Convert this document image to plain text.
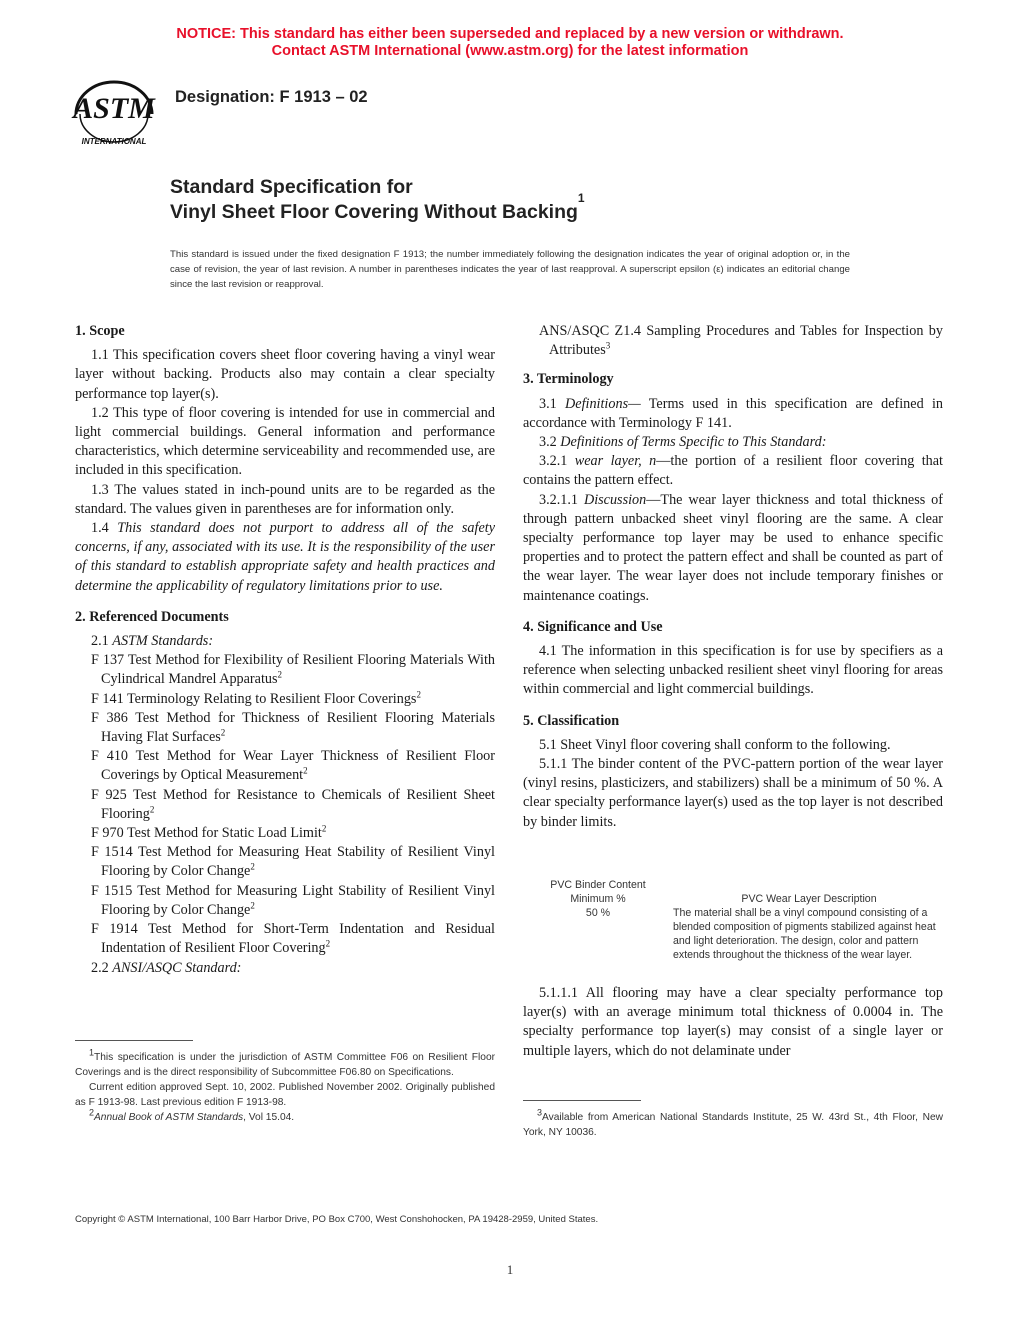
NOTICE: This standard has either been superseded and replaced by a new version or withdrawn.
Contact ASTM International (www.astm.org) for the latest information
ASTM
INTERNATIONAL
Designation: F 1913 – 02
Standard Specification for
Vinyl Sheet Floor Covering Without Backing$^1$
This standard is issued under the fixed designation F 1913; the number immediately following the designation indicates the year of original adoption or, in the case of revision, the year of last revision. A number in parentheses indicates the year of last reapproval. A superscript epsilon (ε) indicates an editorial change since the last revision or reapproval.
1. Scope

1.1 This specification covers sheet floor covering having a vinyl wear layer without backing. Products also may contain a clear specialty performance top layer(s).

1.2 This type of floor covering is intended for use in commercial and light commercial buildings. General information and performance characteristics, which determine serviceability and recommended use, are included in this specification.

1.3 The values stated in inch-pound units are to be regarded as the standard. The values given in parentheses are for information only.

1.4 This standard does not purport to address all of the safety concerns, if any, associated with its use. It is the responsibility of the user of this standard to establish appropriate safety and health practices and determine the applicability of regulatory limitations prior to use.

2. Referenced Documents

2.1 ASTM Standards:

F 137 Test Method for Flexibility of Resilient Flooring Materials With Cylindrical Mandrel Apparatus$^2$

F 141 Terminology Relating to Resilient Floor Coverings$^2$

F 386 Test Method for Thickness of Resilient Flooring Materials Having Flat Surfaces$^2$

F 410 Test Method for Wear Layer Thickness of Resilient Floor Coverings by Optical Measurement$^2$

F 925 Test Method for Resistance to Chemicals of Resilient Sheet Flooring$^2$

F 970 Test Method for Static Load Limit$^2$

F 1514 Test Method for Measuring Heat Stability of Resilient Vinyl Flooring by Color Change$^2$

F 1515 Test Method for Measuring Light Stability of Resilient Vinyl Flooring by Color Change$^2$

F 1914 Test Method for Short-Term Indentation and Residual Indentation of Resilient Floor Covering$^2$

2.2 ANSI/ASQC Standard:

$^1$This specification is under the jurisdiction of ASTM Committee F06 on Resilient Floor Coverings and is the direct responsibility of Subcommittee F06.80 on Specifications.

Current edition approved Sept. 10, 2002. Published November 2002. Originally published as F 1913-98. Last previous edition F 1913-98.

$^2$Annual Book of ASTM Standards, Vol 15.04.

ANS/ASQC Z1.4 Sampling Procedures and Tables for Inspection by Attributes$^3$

3. Terminology

3.1 Definitions— Terms used in this specification are defined in accordance with Terminology F 141.

3.2 Definitions of Terms Specific to This Standard:

3.2.1 wear layer, n—the portion of a resilient floor covering that contains the pattern effect.

3.2.1.1 Discussion—The wear layer thickness and total thickness of through pattern unbacked sheet vinyl flooring are the same. A clear specialty performance top layer may be used to enhance specific properties and to protect the pattern effect and shall be counted as part of the wear layer. The wear layer does not include temporary finishes or maintenance coatings.

4. Significance and Use

4.1 The information in this specification is for use by specifiers as a reference when selecting unbacked resilient sheet vinyl flooring for areas within commercial and light commercial buildings.

5. Classification

5.1 Sheet Vinyl floor covering shall conform to the following.

5.1.1 The binder content of the PVC-pattern portion of the wear layer (vinyl resins, plasticizers, and stabilizers) shall be a minimum of 50 %. A clear specialty performance layer(s) used as the top layer is not described by binder limits.

PVC Binder Content
Minimum %
50 %
PVC Wear Layer Description
The material shall be a vinyl compound consisting of a blended composition of pigments stabilized against heat and light deterioration. The design, color and pattern extends throughout the thickness of the wear layer.

5.1.1.1 All flooring may have a clear specialty performance top layer(s) with an average minimum total thickness of 0.0004 in. The specialty performance top layer(s) may consist of a single layer or multiple layers, which do not delaminate under

$^3$Available from American National Standards Institute, 25 W. 43rd St., 4th Floor, New York, NY 10036.

Copyright © ASTM International, 100 Barr Harbor Drive, PO Box C700, West Conshohocken, PA 19428-2959, United States.
1
